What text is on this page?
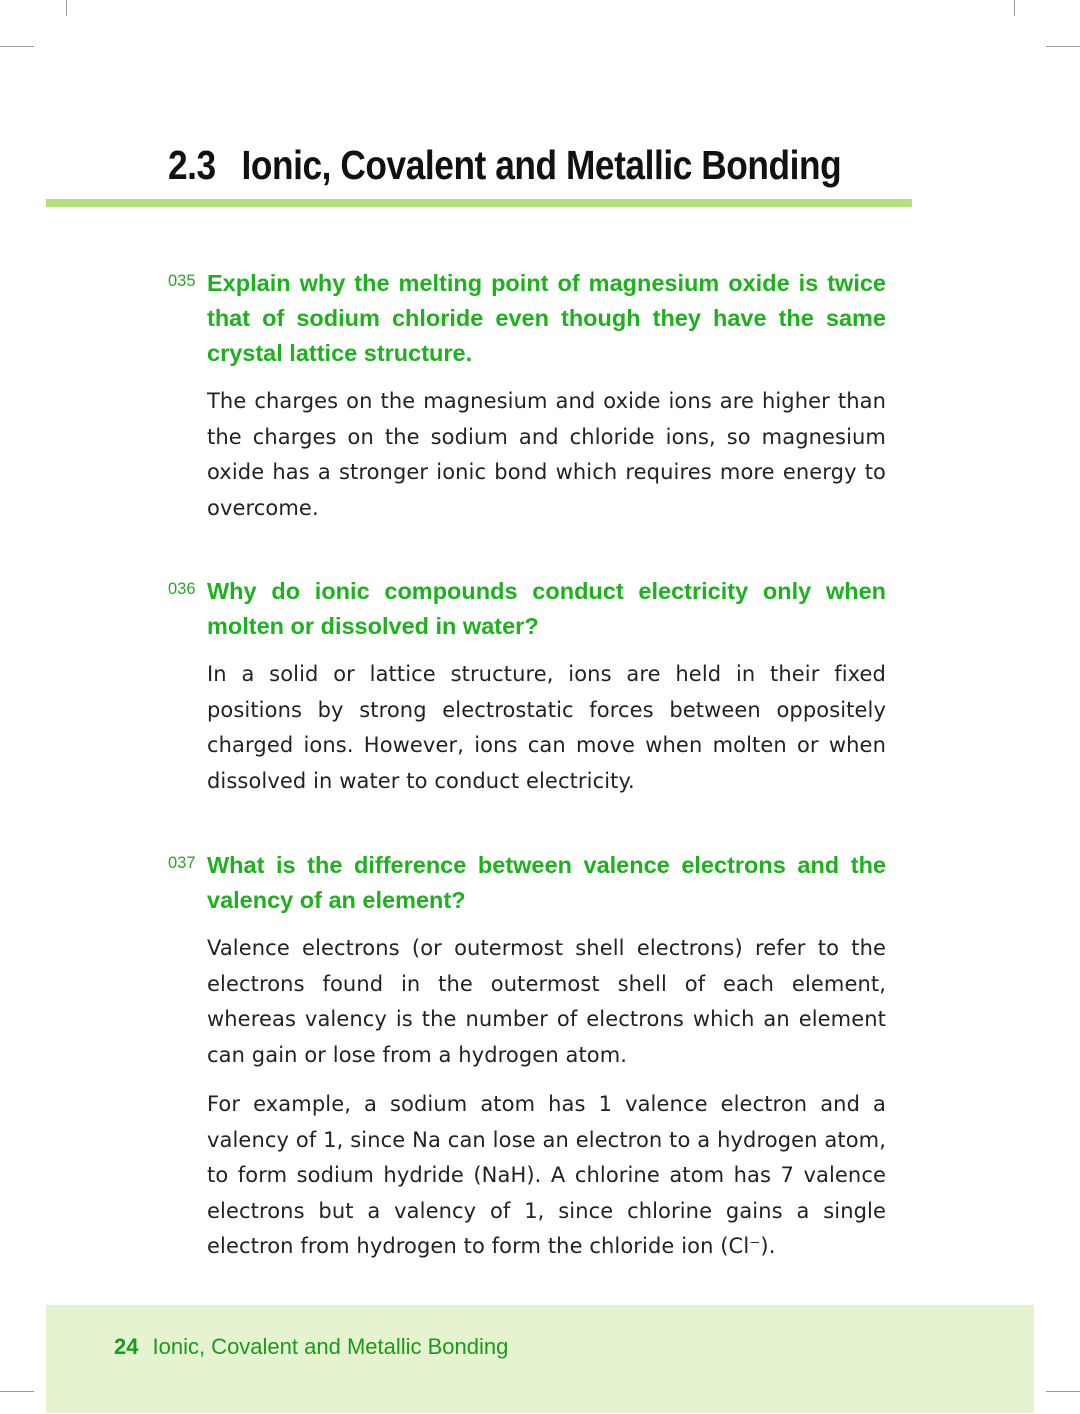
2.3 Ionic, Covalent and Metallic Bonding
035 Explain why the melting point of magnesium oxide is twice that of sodium chloride even though they have the same crystal lattice structure.

The charges on the magnesium and oxide ions are higher than the charges on the sodium and chloride ions, so magnesium oxide has a stronger ionic bond which requires more energy to overcome.

036 Why do ionic compounds conduct electricity only when molten or dissolved in water?

In a solid or lattice structure, ions are held in their fixed positions by strong electrostatic forces between oppositely charged ions. However, ions can move when molten or when dissolved in water to conduct electricity.

037 What is the difference between valence electrons and the valency of an element?

Valence electrons (or outermost shell electrons) refer to the electrons found in the outermost shell of each element, whereas valency is the number of electrons which an element can gain or lose from a hydrogen atom.

For example, a sodium atom has 1 valence electron and a valency of 1, since Na can lose an electron to a hydrogen atom, to form sodium hydride (NaH). A chlorine atom has 7 valence electrons but a valency of 1, since chlorine gains a single electron from hydrogen to form the chloride ion (Cl⁻).

24 Ionic, Covalent and Metallic Bonding
